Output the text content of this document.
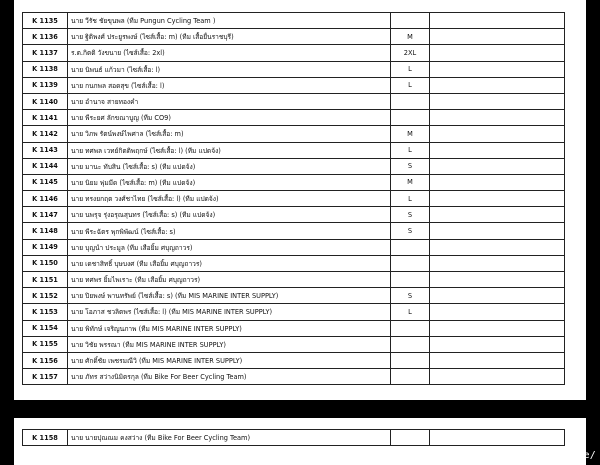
K 1135	นาย วีรัช ชัยขุนพล (ทีม Pungun Cycling Team )		
K 1136	นาย ฐิติพงศ์ ประยูรพงษ์ (ไซส์เสื้อ: m) (ทีม เสื้อยื่นราชบุรี)	M	
K 1137	ร.ต.กิตติ วังขนาย (ไซส์เสื้อ: 2xl)	2XL	
K 1138	นาย นิพนธ์ แก้วมา (ไซส์เสื้อ: l)	L	
K 1139	นาย กนกพล สอดสุข (ไซส์เสื้อ: l)	L	
K 1140	นาย อำนาจ สายทองคำ		
K 1141	นาย พีระยศ ลักขณาบูญ (ทีม CO9)		
K 1142	นาย วิภพ รัตน์พงษ์ไพศาล (ไซส์เสื้อ: m)	M	
K 1143	นาย ทศพล เวทย์กิตติพฤกษ์ (ไซส์เสื้อ: l) (ทีม แปดจ้ง)	L	
K 1144	นาย มานะ ทับสิน (ไซส์เสื้อ: s) (ทีม แปดจ้ง)	S	
K 1145	นาย นิยม พุ่มมีด (ไซส์เสื้อ: m) (ทีม แปดจ้ง)	M	
K 1146	นาย ทรงยกฤต วงศ์ชาไทย (ไซส์เสื้อ: l) (ทีม แปดจ้ง)	L	
K 1147	นาย นพรุจ รุ่งอรุณสุนทร (ไซส์เสื้อ: s) (ทีม แปดจ้ง)	S	
K 1148	นาย พีระฉัตร พุกพิพัฒน์ (ไซส์เสื้อ: s)	S	
K 1149	นาย บุญนำ ประมูล (ทีม เสือยิ้ม ศบุญถาวร)		
K 1150	นาย เดชาสิทธิ์ บุษบงศ (ทีม เสือยิ้ม ศบุญถาวร)		
K 1151	นาย ทศพร ยิ้มไพเราะ (ทีม เสือยิ้ม ศบุญถาวร)		
K 1152	นาย ปิยพงษ์ พานทรัพย์ (ไซส์เสื้อ: s) (ทีม MIS MARINE INTER SUPPLY)	S	
K 1153	นาย โอภาส ชวลิตพร (ไซส์เสื้อ: l) (ทีม MIS MARINE INTER SUPPLY)	L	
K 1154	นาย พิทักษ์ เจริญนภาพ (ทีม MIS MARINE INTER SUPPLY)		
K 1155	นาย วิชัย พรรณา (ทีม MIS MARINE INTER SUPPLY)		
K 1156	นาย ศักดิ์ชัย เพชรมณีวิ (ทีม MIS MARINE INTER SUPPLY)		
K 1157	นาย ภัทร สว่างนิมิตรกุล (ทีม Bike For Beer Cycling Team)		
K 1158	นาย นายปุณณม คงสว่าง (ทีม Bike For Beer Cycling Team)		
[1080x803] https://upic.me/
